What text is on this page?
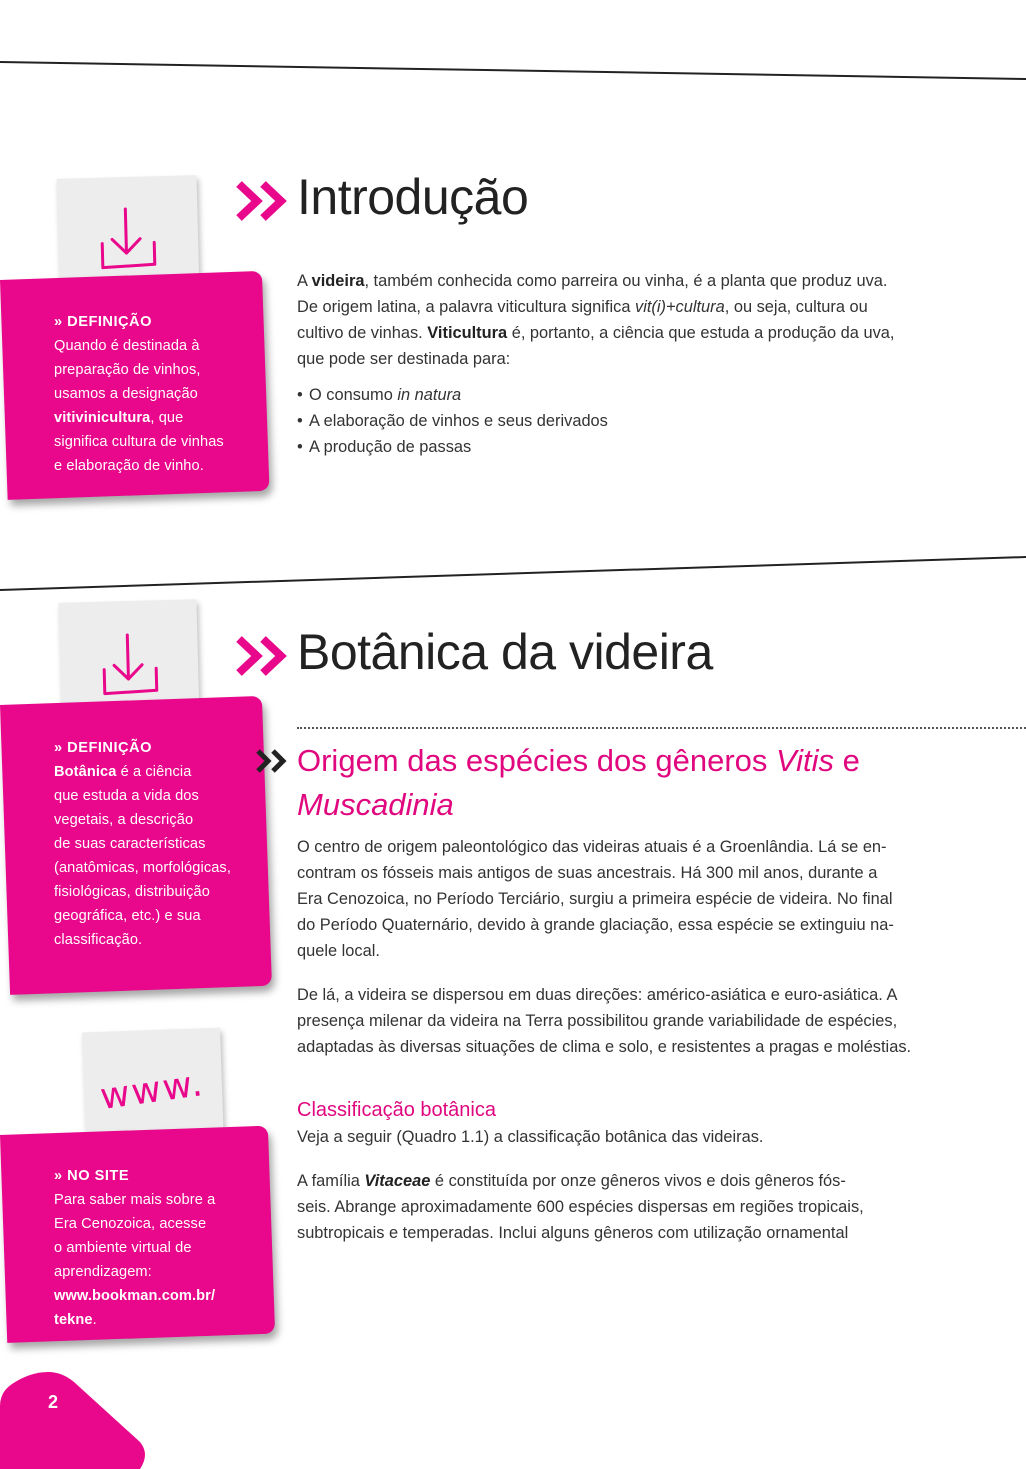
» DEFINIÇÃO
Quando é destinada à
preparação de vinhos,
usamos a designação
vitivinicultura, que
significa cultura de vinhas
e elaboração de vinho.
Introdução

A videira, também conhecida como parreira ou vinha, é a planta que produz uva.

De origem latina, a palavra viticultura significa vit(i)+cultura, ou seja, cultura ou

cultivo de vinhas. Viticultura é, portanto, a ciência que estuda a produção da uva,

que pode ser destinada para:

• O consumo in natura
• A elaboração de vinhos e seus derivados
• A produção de passas
» DEFINIÇÃO
Botânica é a ciência
que estuda a vida dos
vegetais, a descrição
de suas características
(anatômicas, morfológicas,
fisiológicas, distribuição
geográfica, etc.) e sua
classificação.
www.
» NO SITE
Para saber mais sobre a
Era Cenozoica, acesse
o ambiente virtual de
aprendizagem:
www.bookman.com.br/
tekne.
Botânica da videira
Origem das espécies dos gêneros Vitis e
Muscadinia

O centro de origem paleontológico das videiras atuais é a Groenlândia. Lá se en-

contram os fósseis mais antigos de suas ancestrais. Há 300 mil anos, durante a

Era Cenozoica, no Período Terciário, surgiu a primeira espécie de videira. No final

do Período Quaternário, devido à grande glaciação, essa espécie se extinguiu na-

quele local.

De lá, a videira se dispersou em duas direções: américo-asiática e euro-asiática. A

presença milenar da videira na Terra possibilitou grande variabilidade de espécies,

adaptadas às diversas situações de clima e solo, e resistentes a pragas e moléstias.

Classificação botânica

Veja a seguir (Quadro 1.1) a classificação botânica das videiras.

A família Vitaceae é constituída por onze gêneros vivos e dois gêneros fós-

seis. Abrange aproximadamente 600 espécies dispersas em regiões tropicais,

subtropicais e temperadas. Inclui alguns gêneros com utilização ornamental

2
